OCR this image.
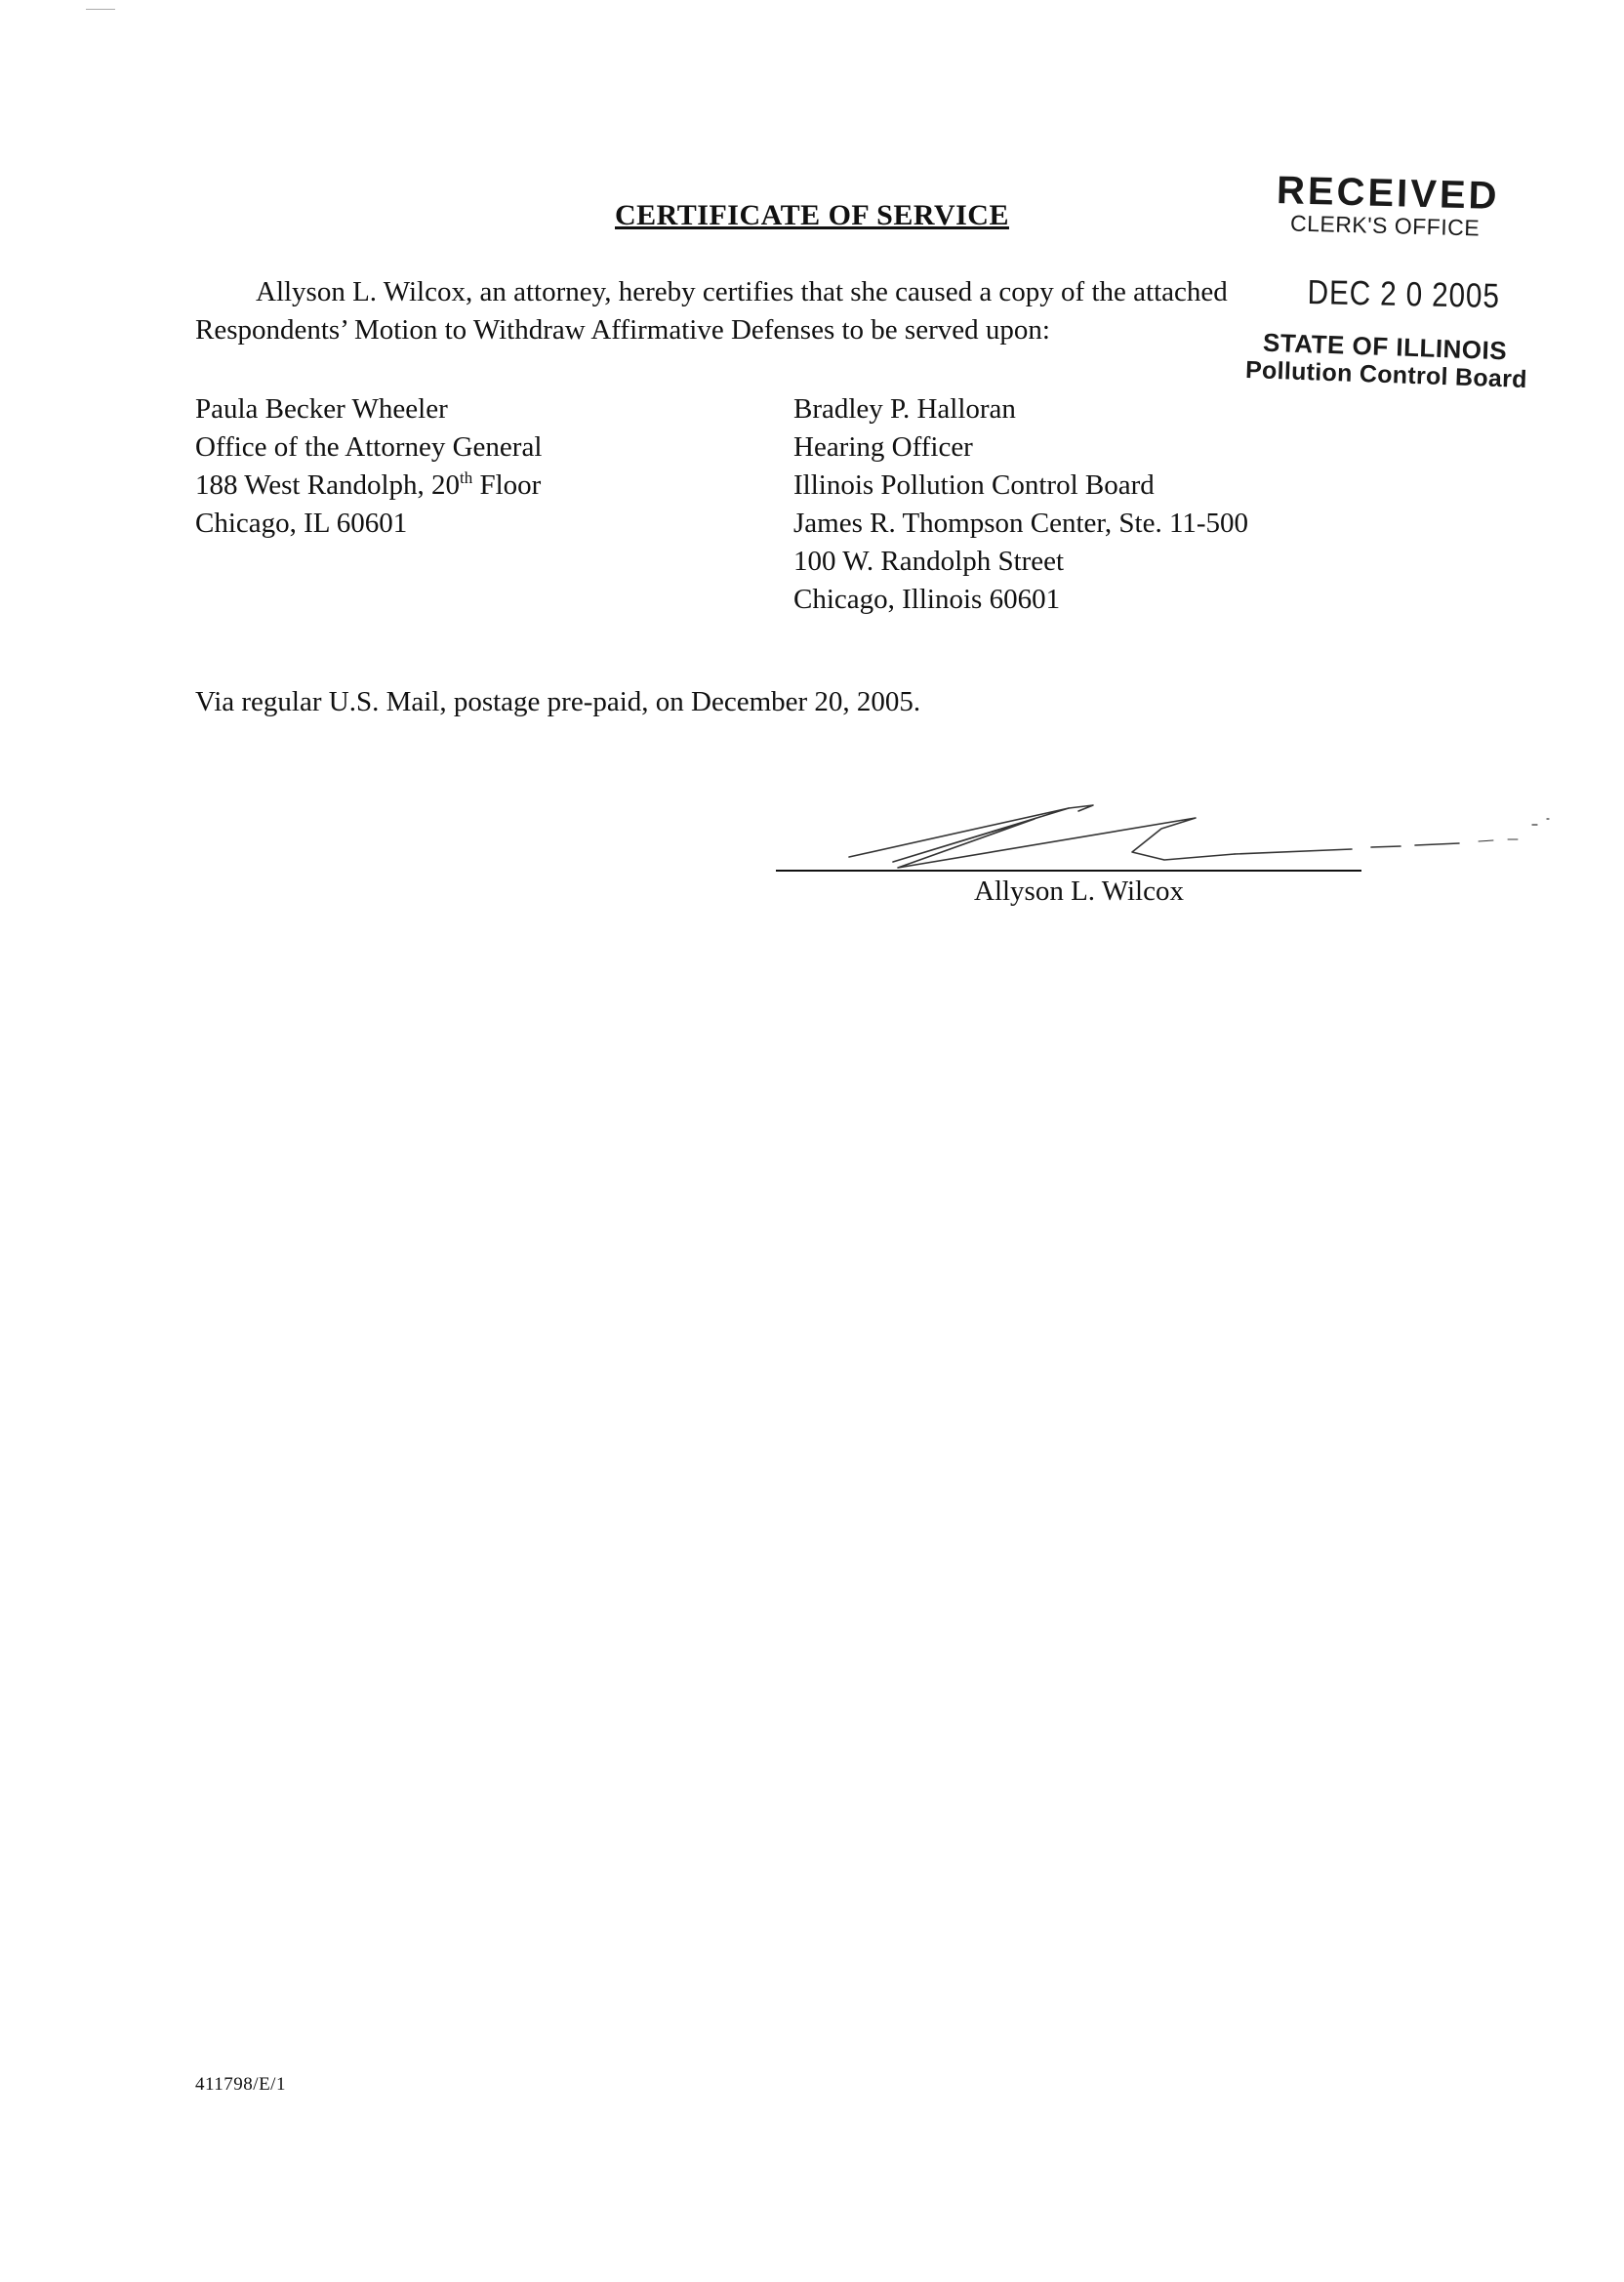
CERTIFICATE OF SERVICE	RECEIVED
CLERK'S OFFICE
DEC 2 0 2005
STATE OF ILLINOIS
Pollution Control Board
Allyson L. Wilcox, an attorney, hereby certifies that she caused a copy of the attached
Respondents’ Motion to Withdraw Affirmative Defenses to be served upon:
Paula Becker Wheeler
Office of the Attorney General
188 West Randolph, 20th Floor
Chicago, IL 60601
Bradley P. Halloran
Hearing Officer
Illinois Pollution Control Board
James R. Thompson Center, Ste. 11-500
100 W. Randolph Street
Chicago, Illinois 60601
Via regular U.S. Mail, postage pre-paid, on December 20, 2005.
Allyson L. Wilcox
411798/E/1
